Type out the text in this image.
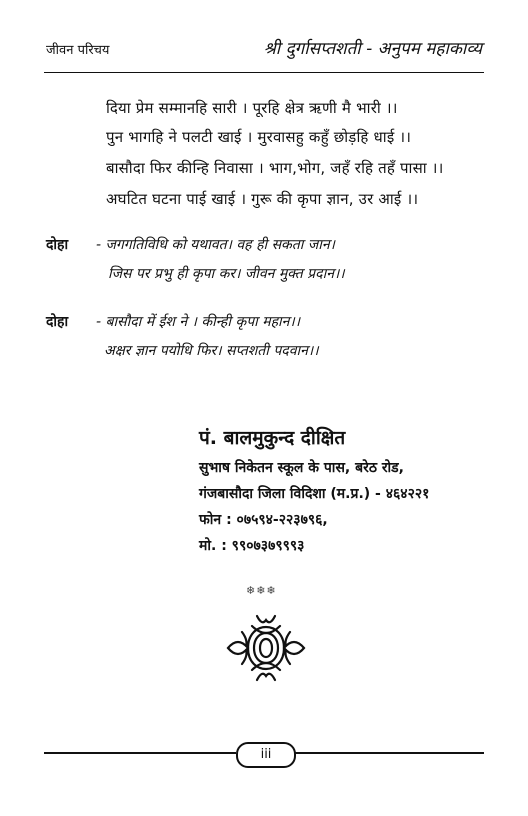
जीवन परिचय	श्री दुर्गासप्तशती - अनुपम महाकाव्य
दिया प्रेम सम्मानहि सारी । पूरहि क्षेत्र ऋणी मै भारी ।।
पुन भागहि ने पलटी खाई । मुरवासहु कहुँ छोड़हि धाई ।।
बासौदा फिर कीन्हि निवासा । भाग,भोग, जहँ रहि तहँ पासा ।।
अघटित घटना पाई खाई । गुरू की कृपा ज्ञान, उर आई ।।
दोहा - जगगतिविधि को यथावत। वह ही सकता जान।
जिस पर प्रभु ही कृपा कर। जीवन मुक्त प्रदान।।
दोहा - बासौदा में ईश ने । कीन्ही कृपा महान।।
अक्षर ज्ञान पयोधि फिर। सप्तशती पदवान।।
पं. बालमुकुन्द दीक्षित
सुभाष निकेतन स्कूल के पास, बरेठ रोड,
गंजबासौदा जिला विदिशा (म.प्र.) - ४६४२२१
फोन : ०७५९४-२२३७९६,
मो. : ९९०७३७९९९३
❄❄❄
iii
